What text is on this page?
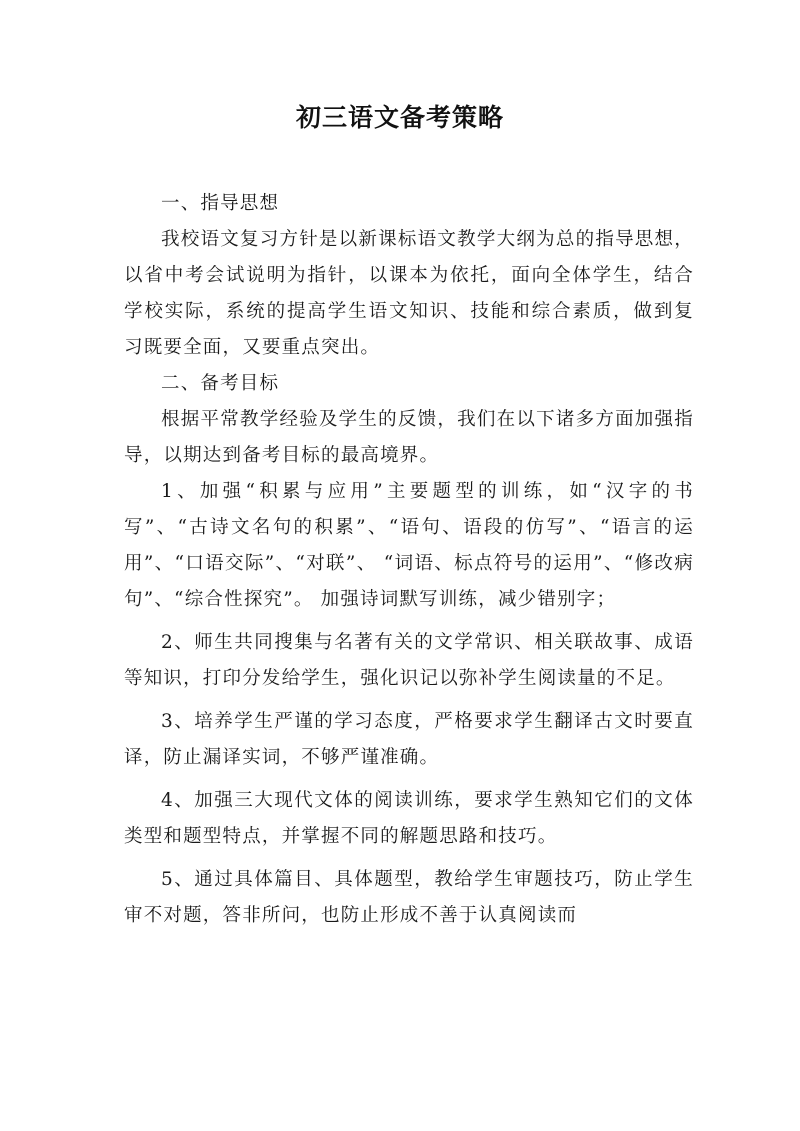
初三语文备考策略

一、指导思想

我校语文复习方针是以新课标语文教学大纲为总的指导思想，以省中考会试说明为指针，以课本为依托，面向全体学生，结合学校实际，系统的提高学生语文知识、技能和综合素质，做到复习既要全面，又要重点突出。

二、备考目标

根据平常教学经验及学生的反馈，我们在以下诸多方面加强指导，以期达到备考目标的最高境界。

1、加强“积累与应用”主要题型的训练，如“汉字的书写”、“古诗文名句的积累”、“语句、语段的仿写”、“语言的运用”、“口语交际”、“对联”、 “词语、标点符号的运用”、“修改病句”、“综合性探究”。 加强诗词默写训练，减少错别字；

2、师生共同搜集与名著有关的文学常识、相关联故事、成语等知识，打印分发给学生，强化识记以弥补学生阅读量的不足。

3、培养学生严谨的学习态度，严格要求学生翻译古文时要直译，防止漏译实词，不够严谨准确。

4、加强三大现代文体的阅读训练，要求学生熟知它们的文体类型和题型特点，并掌握不同的解题思路和技巧。

5、通过具体篇目、具体题型，教给学生审题技巧，防止学生审不对题，答非所问，也防止形成不善于认真阅读而
